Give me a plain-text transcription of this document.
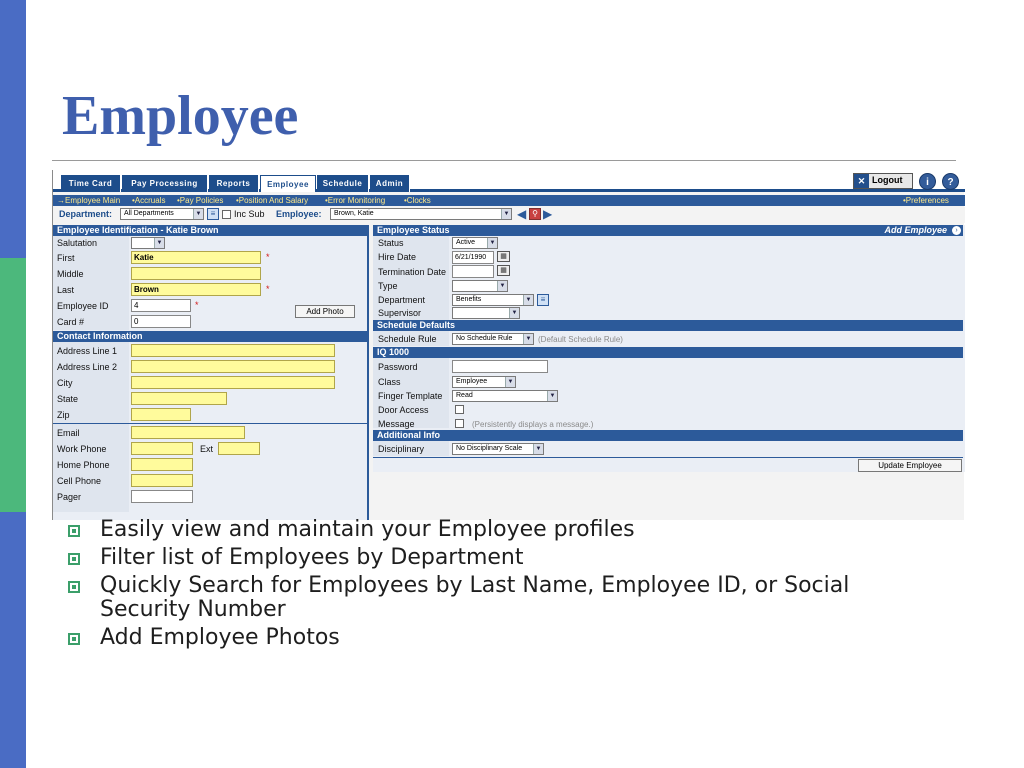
Employee
Time Card	Pay Processing	Reports	Employee	Schedule	Admin	✕ Logout	i	?
→Employee Main •Accruals •Pay Policies •Position And Salary •Error Monitoring •Clocks	•Preferences
Department:	All Departments	▼	≡	Inc Sub Employee:	Brown, Katie	▼ ◀ ⚲ ▶
Employee Identification - Katie Brown
Salutation	▼
First	Katie	*
Middle
Last	Brown	*
Employee ID	4	*
Card #	0
Add Photo
Contact Information
Address Line 1
Address Line 2
City
State
Zip
Email
Work Phone	Ext
Home Phone
Cell Phone
Pager
Employee Status	Add Employee	›
Status	Active	▼
Hire Date	6/21/1990	▦
Termination Date	▦
Type	▼
Department	Benefits	▼	≡
Supervisor	▼
Schedule Defaults
Schedule Rule	No Schedule Rule	▼ (Default Schedule Rule)
IQ 1000
Password
Class	Employee	▼
Finger Template	Read	▼
Door Access
Message	(Persistently displays a message.)
Additional Info
Disciplinary	No Disciplinary Scale	▼
Update Employee
Easily view and maintain your Employee profiles
Filter list of Employees by Department
Quickly Search for Employees by Last Name, Employee ID, or Social Security Number
Add Employee Photos
